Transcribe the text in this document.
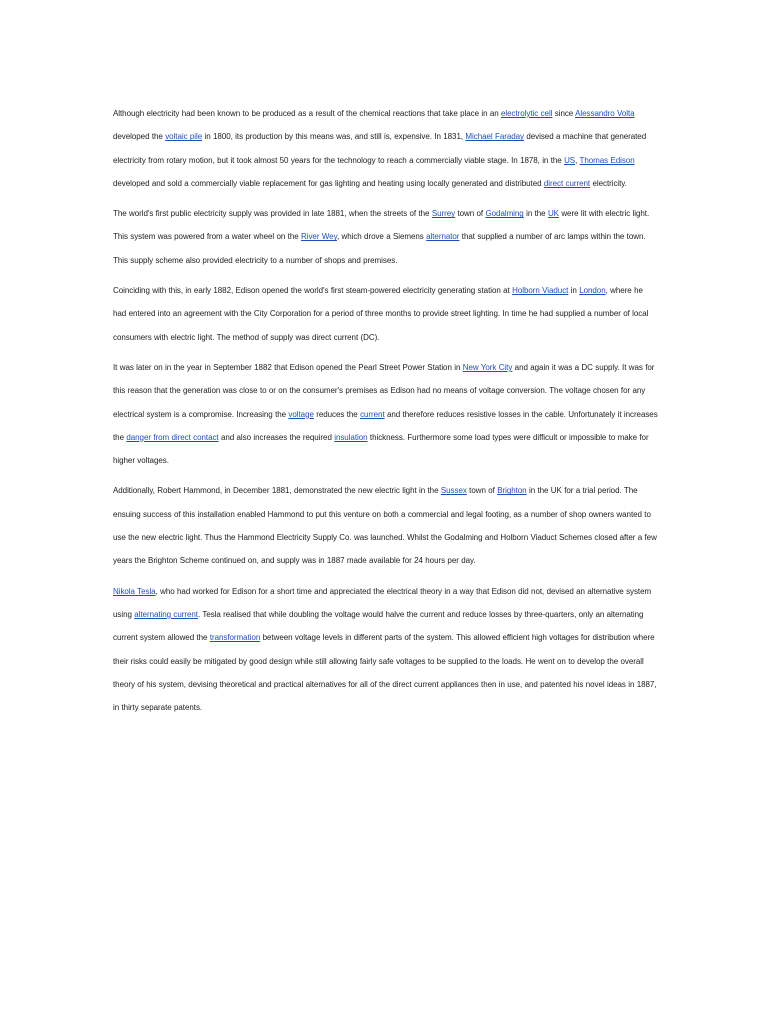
Although electricity had been known to be produced as a result of the chemical reactions that take place in an electrolytic cell since Alessandro Volta developed the voltaic pile in 1800, its production by this means was, and still is, expensive. In 1831, Michael Faraday devised a machine that generated electricity from rotary motion, but it took almost 50 years for the technology to reach a commercially viable stage. In 1878, in the US, Thomas Edison developed and sold a commercially viable replacement for gas lighting and heating using locally generated and distributed direct current electricity.

The world's first public electricity supply was provided in late 1881, when the streets of the Surrey town of Godalming in the UK were lit with electric light. This system was powered from a water wheel on the River Wey, which drove a Siemens alternator that supplied a number of arc lamps within the town. This supply scheme also provided electricity to a number of shops and premises.

Coinciding with this, in early 1882, Edison opened the world's first steam-powered electricity generating station at Holborn Viaduct in London, where he had entered into an agreement with the City Corporation for a period of three months to provide street lighting. In time he had supplied a number of local consumers with electric light. The method of supply was direct current (DC).

It was later on in the year in September 1882 that Edison opened the Pearl Street Power Station in New York City and again it was a DC supply. It was for this reason that the generation was close to or on the consumer's premises as Edison had no means of voltage conversion. The voltage chosen for any electrical system is a compromise. Increasing the voltage reduces the current and therefore reduces resistive losses in the cable. Unfortunately it increases the danger from direct contact and also increases the required insulation thickness. Furthermore some load types were difficult or impossible to make for higher voltages.

Additionally, Robert Hammond, in December 1881, demonstrated the new electric light in the Sussex town of Brighton in the UK for a trial period. The ensuing success of this installation enabled Hammond to put this venture on both a commercial and legal footing, as a number of shop owners wanted to use the new electric light. Thus the Hammond Electricity Supply Co. was launched. Whilst the Godalming and Holborn Viaduct Schemes closed after a few years the Brighton Scheme continued on, and supply was in 1887 made available for 24 hours per day.

Nikola Tesla, who had worked for Edison for a short time and appreciated the electrical theory in a way that Edison did not, devised an alternative system using alternating current. Tesla realised that while doubling the voltage would halve the current and reduce losses by three-quarters, only an alternating current system allowed the transformation between voltage levels in different parts of the system. This allowed efficient high voltages for distribution where their risks could easily be mitigated by good design while still allowing fairly safe voltages to be supplied to the loads. He went on to develop the overall theory of his system, devising theoretical and practical alternatives for all of the direct current appliances then in use, and patented his novel ideas in 1887, in thirty separate patents.
